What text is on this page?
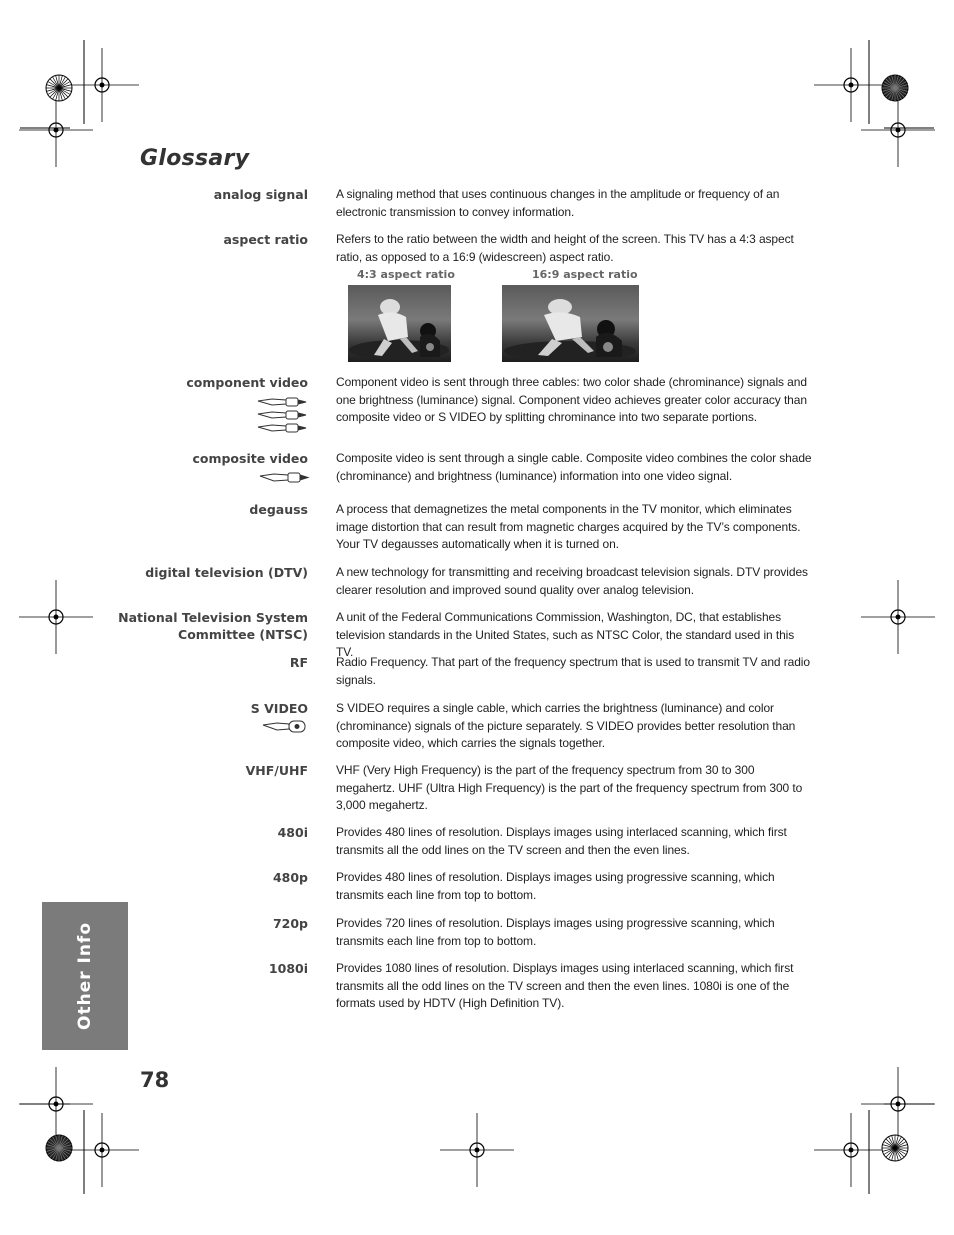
Glossary
analog signal A signaling method that uses continuous changes in the amplitude or frequency of an electronic transmission to convey information.
aspect ratio Refers to the ratio between the width and height of the screen. This TV has a 4:3 aspect ratio, as opposed to a 16:9 (widescreen) aspect ratio.
4:3 aspect ratio	16:9 aspect ratio
component video Component video is sent through three cables: two color shade (chrominance) signals and one brightness (luminance) signal. Component video achieves greater color accuracy than composite video or S VIDEO by splitting chrominance into two separate portions.
composite video Composite video is sent through a single cable. Composite video combines the color shade (chrominance) and brightness (luminance) information into one video signal.
degauss A process that demagnetizes the metal components in the TV monitor, which eliminates image distortion that can result from magnetic charges acquired by the TV’s components. Your TV degausses automatically when it is turned on.
digital television (DTV) A new technology for transmitting and receiving broadcast television signals. DTV provides clearer resolution and improved sound quality over analog television.
National Television System Committee (NTSC)
A unit of the Federal Communications Commission, Washington, DC, that establishes television standards in the United States, such as NTSC Color, the standard used in this TV.
RF Radio Frequency. That part of the frequency spectrum that is used to transmit TV and radio signals.
S VIDEO S VIDEO requires a single cable, which carries the brightness (luminance) and color (chrominance) signals of the picture separately. S VIDEO provides better resolution than composite video, which carries the signals together.
VHF/UHF VHF (Very High Frequency) is the part of the frequency spectrum from 30 to 300 megahertz. UHF (Ultra High Frequency) is the part of the frequency spectrum from 300 to 3,000 megahertz.
480i Provides 480 lines of resolution. Displays images using interlaced scanning, which first transmits all the odd lines on the TV screen and then the even lines.
480p Provides 480 lines of resolution. Displays images using progressive scanning, which transmits each line from top to bottom.
720p Provides 720 lines of resolution. Displays images using progressive scanning, which transmits each line from top to bottom.
1080i Provides 1080 lines of resolution. Displays images using interlaced scanning, which first transmits all the odd lines on the TV screen and then the even lines. 1080i is one of the formats used by HDTV (High Definition TV).
Other Info
78
